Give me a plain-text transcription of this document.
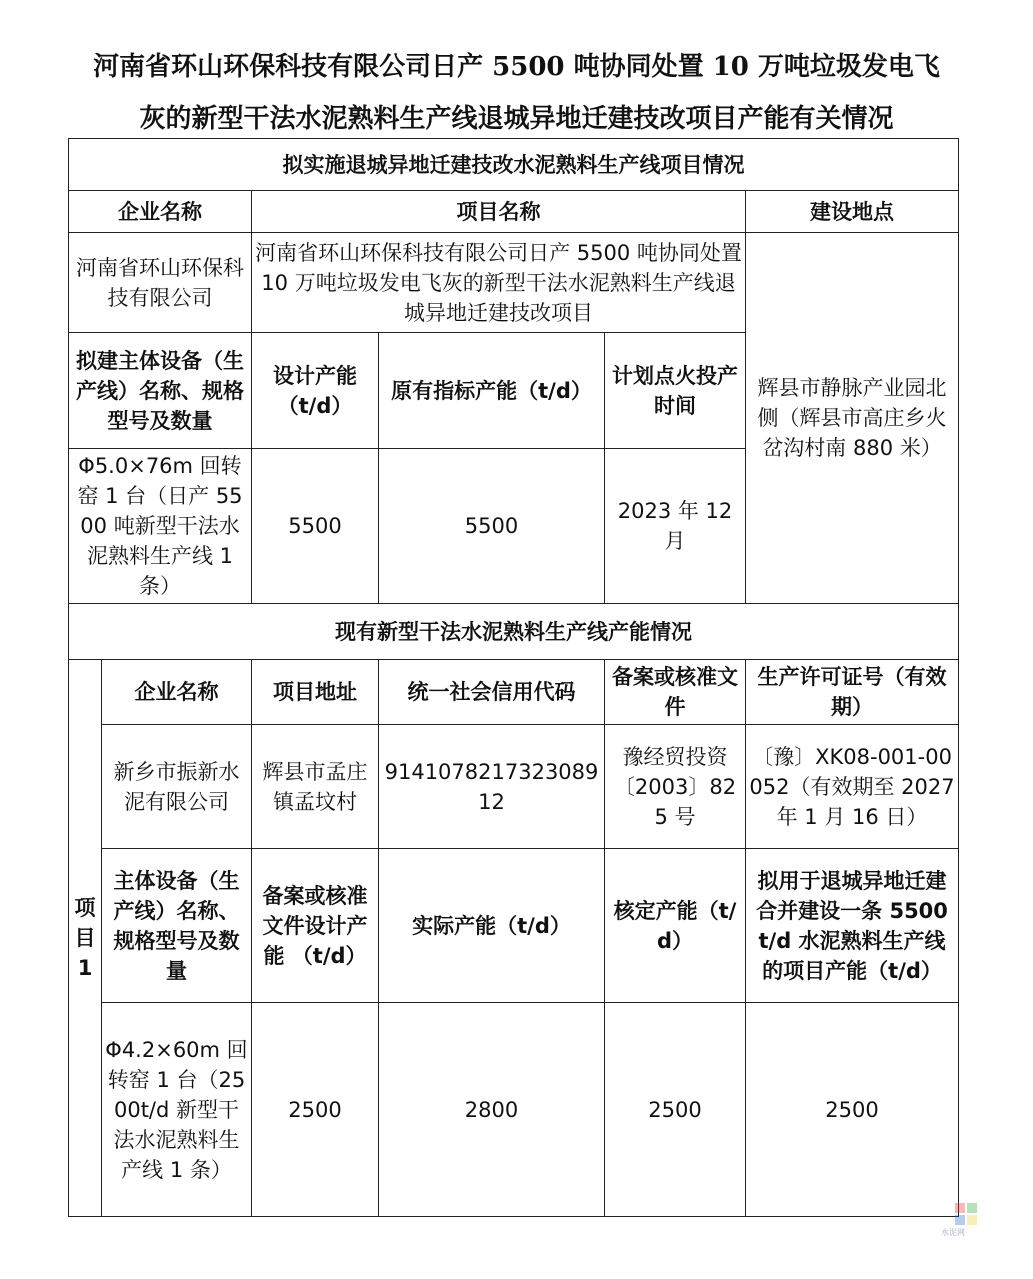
河南省环山环保科技有限公司日产 5500 吨协同处置 10 万吨垃圾发电飞
灰的新型干法水泥熟料生产线退城异地迁建技改项目产能有关情况
拟实施退城异地迁建技改水泥熟料生产线项目情况					
企业名称		项目名称			建设地点
河南省环山环保科技有限公司		河南省环山环保科技有限公司日产 5500 吨协同处置 10 万吨垃圾发电飞灰的新型干法水泥熟料生产线退城异地迁建技改项目			辉县市静脉产业园北侧（辉县市高庄乡火岔沟村南 880 米）
拟建主体设备（生产线）名称、规格型号及数量		设计产能（t/d）	原有指标产能（t/d）	计划点火投产时间	
Φ5.0×76m 回转窑 1 台（日产 5500 吨新型干法水泥熟料生产线 1 条）		5500	5500	2023 年 12 月	
现有新型干法水泥熟料生产线产能情况					
项目1	企业名称	项目地址	统一社会信用代码	备案或核准文件	生产许可证号（有效期）
	新乡市振新水泥有限公司	辉县市孟庄镇孟坟村	914107821732308912	豫经贸投资〔2003〕825 号	〔豫〕XK08-001-00052（有效期至 2027 年 1 月 16 日）
	主体设备（生产线）名称、规格型号及数量	备案或核准文件设计产能 （t/d）	实际产能（t/d）	核定产能（t/d）	拟用于退城异地迁建合并建设一条 5500t/d 水泥熟料生产线的项目产能（t/d）
	Φ4.2×60m 回转窑 1 台（2500t/d 新型干法水泥熟料生产线 1 条）	2500	2800	2500	2500
水泥网
